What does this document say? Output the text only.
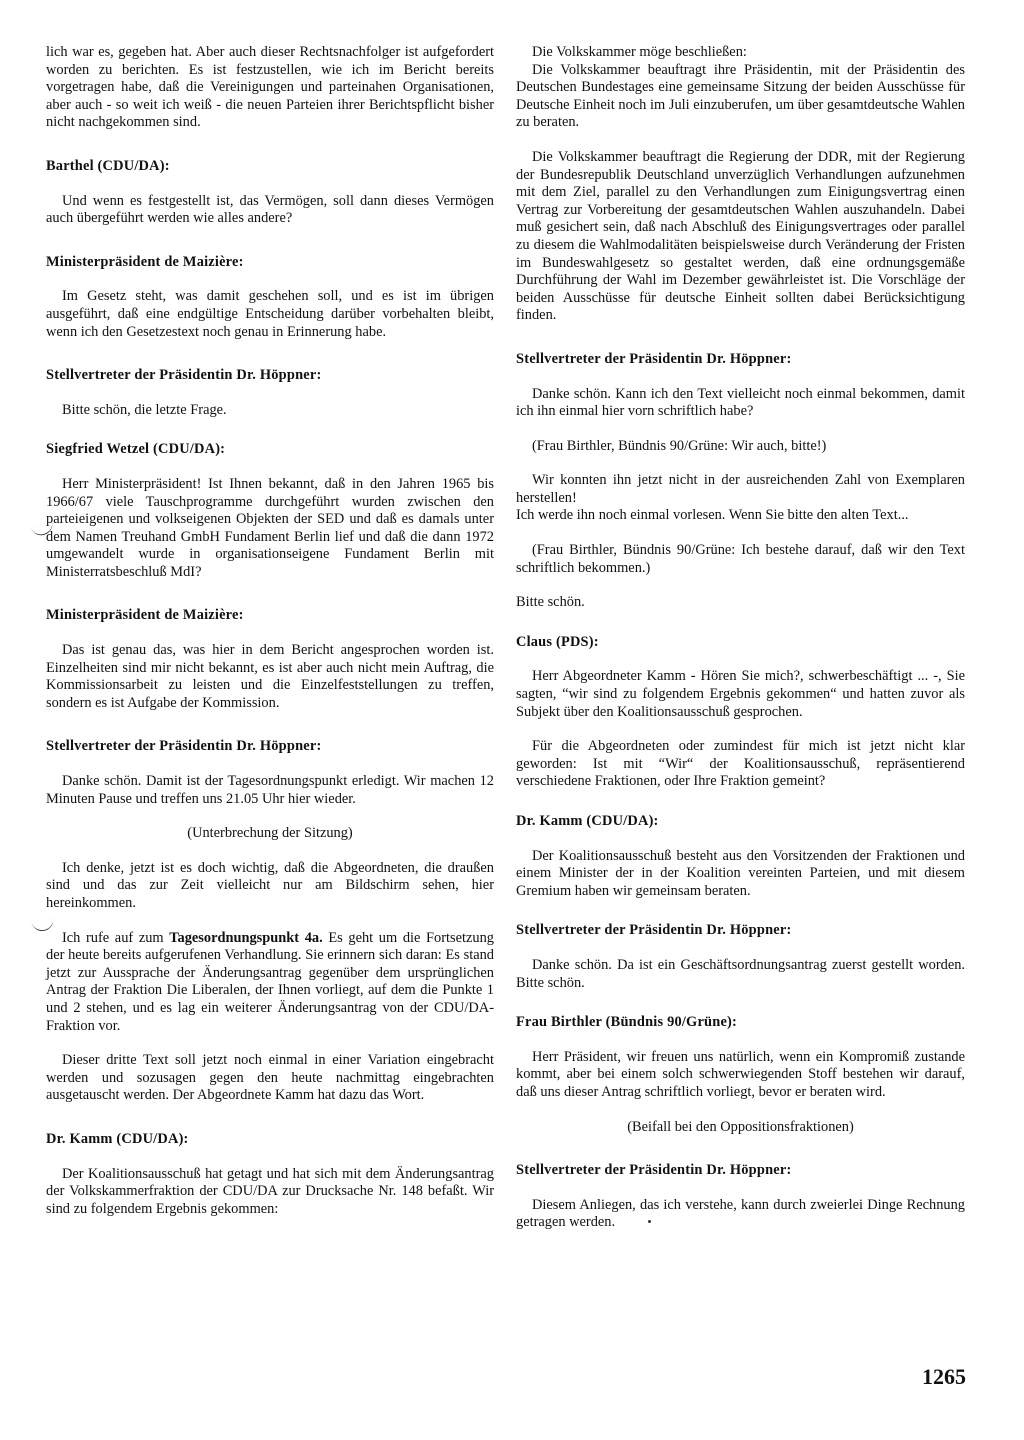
lich war es, gegeben hat. Aber auch dieser Rechtsnachfolger ist aufgefordert worden zu berichten. Es ist festzustellen, wie ich im Bericht bereits vorgetragen habe, daß die Vereinigungen und parteinahen Organisationen, aber auch - so weit ich weiß - die neuen Parteien ihrer Berichtspflicht bisher nicht nachgekommen sind.

Barthel (CDU/DA):

Und wenn es festgestellt ist, das Vermögen, soll dann dieses Vermögen auch übergeführt werden wie alles andere?

Ministerpräsident de Maizière:

Im Gesetz steht, was damit geschehen soll, und es ist im übrigen ausgeführt, daß eine endgültige Entscheidung darüber vorbehalten bleibt, wenn ich den Gesetzestext noch genau in Erinnerung habe.

Stellvertreter der Präsidentin Dr. Höppner:

Bitte schön, die letzte Frage.

Siegfried Wetzel (CDU/DA):

Herr Ministerpräsident! Ist Ihnen bekannt, daß in den Jahren 1965 bis 1966/67 viele Tauschprogramme durchgeführt wurden zwischen den parteieigenen und volkseigenen Objekten der SED und daß es damals unter dem Namen Treuhand GmbH Fundament Berlin lief und daß die dann 1972 umgewandelt wurde in organisationseigene Fundament Berlin mit Ministerratsbeschluß MdI?

Ministerpräsident de Maizière:

Das ist genau das, was hier in dem Bericht angesprochen worden ist. Einzelheiten sind mir nicht bekannt, es ist aber auch nicht mein Auftrag, die Kommissionsarbeit zu leisten und die Einzelfeststellungen zu treffen, sondern es ist Aufgabe der Kommission.

Stellvertreter der Präsidentin Dr. Höppner:

Danke schön. Damit ist der Tagesordnungspunkt erledigt. Wir machen 12 Minuten Pause und treffen uns 21.05 Uhr hier wieder.

(Unterbrechung der Sitzung)

Ich denke, jetzt ist es doch wichtig, daß die Abgeordneten, die draußen sind und das zur Zeit vielleicht nur am Bildschirm sehen, hier hereinkommen.

Ich rufe auf zum Tagesordnungspunkt 4a. Es geht um die Fortsetzung der heute bereits aufgerufenen Verhandlung. Sie erinnern sich daran: Es stand jetzt zur Aussprache der Änderungsantrag gegenüber dem ursprünglichen Antrag der Fraktion Die Liberalen, der Ihnen vorliegt, auf dem die Punkte 1 und 2 stehen, und es lag ein weiterer Änderungsantrag von der CDU/DA-Fraktion vor.

Dieser dritte Text soll jetzt noch einmal in einer Variation eingebracht werden und sozusagen gegen den heute nachmittag eingebrachten ausgetauscht werden. Der Abgeordnete Kamm hat dazu das Wort.

Dr. Kamm (CDU/DA):

Der Koalitionsausschuß hat getagt und hat sich mit dem Änderungsantrag der Volkskammerfraktion der CDU/DA zur Drucksache Nr. 148 befaßt. Wir sind zu folgendem Ergebnis gekommen:

Die Volkskammer möge beschließen:

Die Volkskammer beauftragt ihre Präsidentin, mit der Präsidentin des Deutschen Bundestages eine gemeinsame Sitzung der beiden Ausschüsse für Deutsche Einheit noch im Juli einzuberufen, um über gesamtdeutsche Wahlen zu beraten.

Die Volkskammer beauftragt die Regierung der DDR, mit der Regierung der Bundesrepublik Deutschland unverzüglich Verhandlungen aufzunehmen mit dem Ziel, parallel zu den Verhandlungen zum Einigungsvertrag einen Vertrag zur Vorbereitung der gesamtdeutschen Wahlen auszuhandeln. Dabei muß gesichert sein, daß nach Abschluß des Einigungsvertrages oder parallel zu diesem die Wahlmodalitäten beispielsweise durch Veränderung der Fristen im Bundeswahlgesetz so gestaltet werden, daß eine ordnungsgemäße Durchführung der Wahl im Dezember gewährleistet ist. Die Vorschläge der beiden Ausschüsse für deutsche Einheit sollten dabei Berücksichtigung finden.

Stellvertreter der Präsidentin Dr. Höppner:

Danke schön. Kann ich den Text vielleicht noch einmal bekommen, damit ich ihn einmal hier vorn schriftlich habe?

(Frau Birthler, Bündnis 90/Grüne: Wir auch, bitte!)

Wir konnten ihn jetzt nicht in der ausreichenden Zahl von Exemplaren herstellen!

Ich werde ihn noch einmal vorlesen. Wenn Sie bitte den alten Text...

(Frau Birthler, Bündnis 90/Grüne: Ich bestehe darauf, daß wir den Text schriftlich bekommen.)

Bitte schön.

Claus (PDS):

Herr Abgeordneter Kamm - Hören Sie mich?, schwerbeschäftigt ... -, Sie sagten, “wir sind zu folgendem Ergebnis gekommen“ und hatten zuvor als Subjekt über den Koalitionsausschuß gesprochen.

Für die Abgeordneten oder zumindest für mich ist jetzt nicht klar geworden: Ist mit “Wir“ der Koalitionsausschuß, repräsentierend verschiedene Fraktionen, oder Ihre Fraktion gemeint?

Dr. Kamm (CDU/DA):

Der Koalitionsausschuß besteht aus den Vorsitzenden der Fraktionen und einem Minister der in der Koalition vereinten Parteien, und mit diesem Gremium haben wir gemeinsam beraten.

Stellvertreter der Präsidentin Dr. Höppner:

Danke schön. Da ist ein Geschäftsordnungsantrag zuerst gestellt worden. Bitte schön.

Frau Birthler (Bündnis 90/Grüne):

Herr Präsident, wir freuen uns natürlich, wenn ein Kompromiß zustande kommt, aber bei einem solch schwerwiegenden Stoff bestehen wir darauf, daß uns dieser Antrag schriftlich vorliegt, bevor er beraten wird.

(Beifall bei den Oppositionsfraktionen)

Stellvertreter der Präsidentin Dr. Höppner:

Diesem Anliegen, das ich verstehe, kann durch zweierlei Dinge Rechnung getragen werden.

1265
